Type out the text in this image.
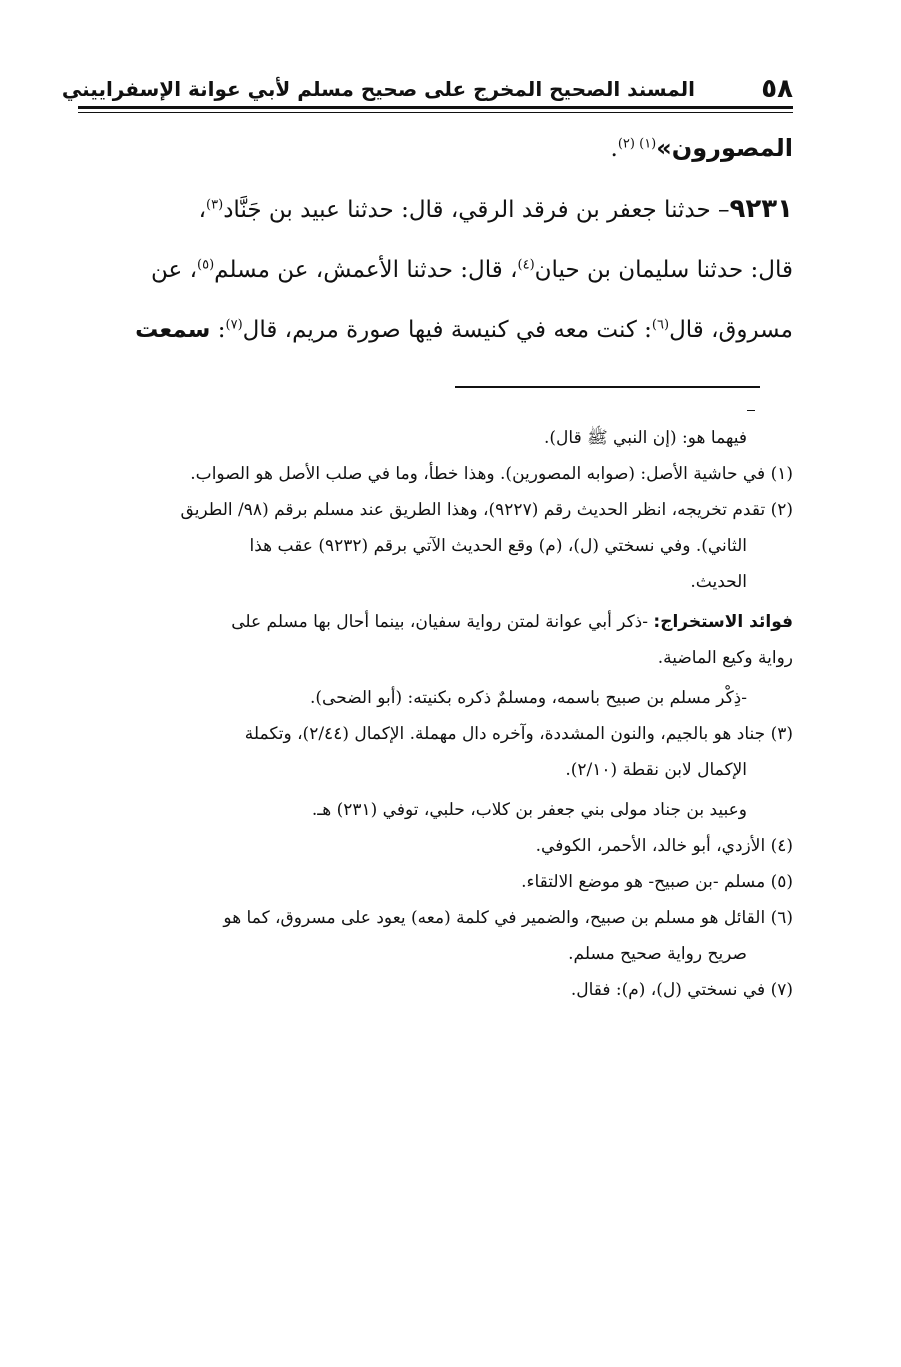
٥٨
المسند الصحيح المخرج على صحيح مسلم لأبي عوانة الإسفراييني

المصورون»$^{(١) (٢)}$.

٩٢٣١– حدثنا جعفر بن فرقد الرقي، قال: حدثنا عبيد بن جَنَّاد$^{(٣)}$،

قال: حدثنا سليمان بن حيان$^{(٤)}$، قال: حدثنا الأعمش، عن مسلم$^{(٥)}$، عن

مسروق، قال$^{(٦)}$: كنت معه في كنيسة فيها صورة مريم، قال$^{(٧)}$: سمعت

فيهما هو: (إن النبي ﷺ قال).

(١) في حاشية الأصل: (صوابه المصورين). وهذا خطأ، وما في صلب الأصل هو الصواب.

(٢) تقدم تخريجه، انظر الحديث رقم (٩٢٢٧)، وهذا الطريق عند مسلم برقم (٩٨/ الطريق

الثاني). وفي نسختي (ل)، (م) وقع الحديث الآتي برقم (٩٢٣٢) عقب هذا

الحديث.

فوائد الاستخراج: -ذكر أبي عوانة لمتن رواية سفيان، بينما أحال بها مسلم على

رواية وكيع الماضية.

-ذِكْر مسلم بن صبيح باسمه، ومسلمٌ ذكره بكنيته: (أبو الضحى).

(٣) جناد هو بالجيم، والنون المشددة، وآخره دال مهملة. الإكمال (٢/٤٤)، وتكملة

الإكمال لابن نقطة (٢/١٠).

وعبيد بن جناد مولى بني جعفر بن كلاب، حلبي، توفي (٢٣١) هـ.

(٤) الأزدي، أبو خالد، الأحمر، الكوفي.

(٥) مسلم -بن صبيح- هو موضع الالتقاء.

(٦) القائل هو مسلم بن صبيح، والضمير في كلمة (معه) يعود على مسروق، كما هو

صريح رواية صحيح مسلم.

(٧) في نسختي (ل)، (م): فقال.
